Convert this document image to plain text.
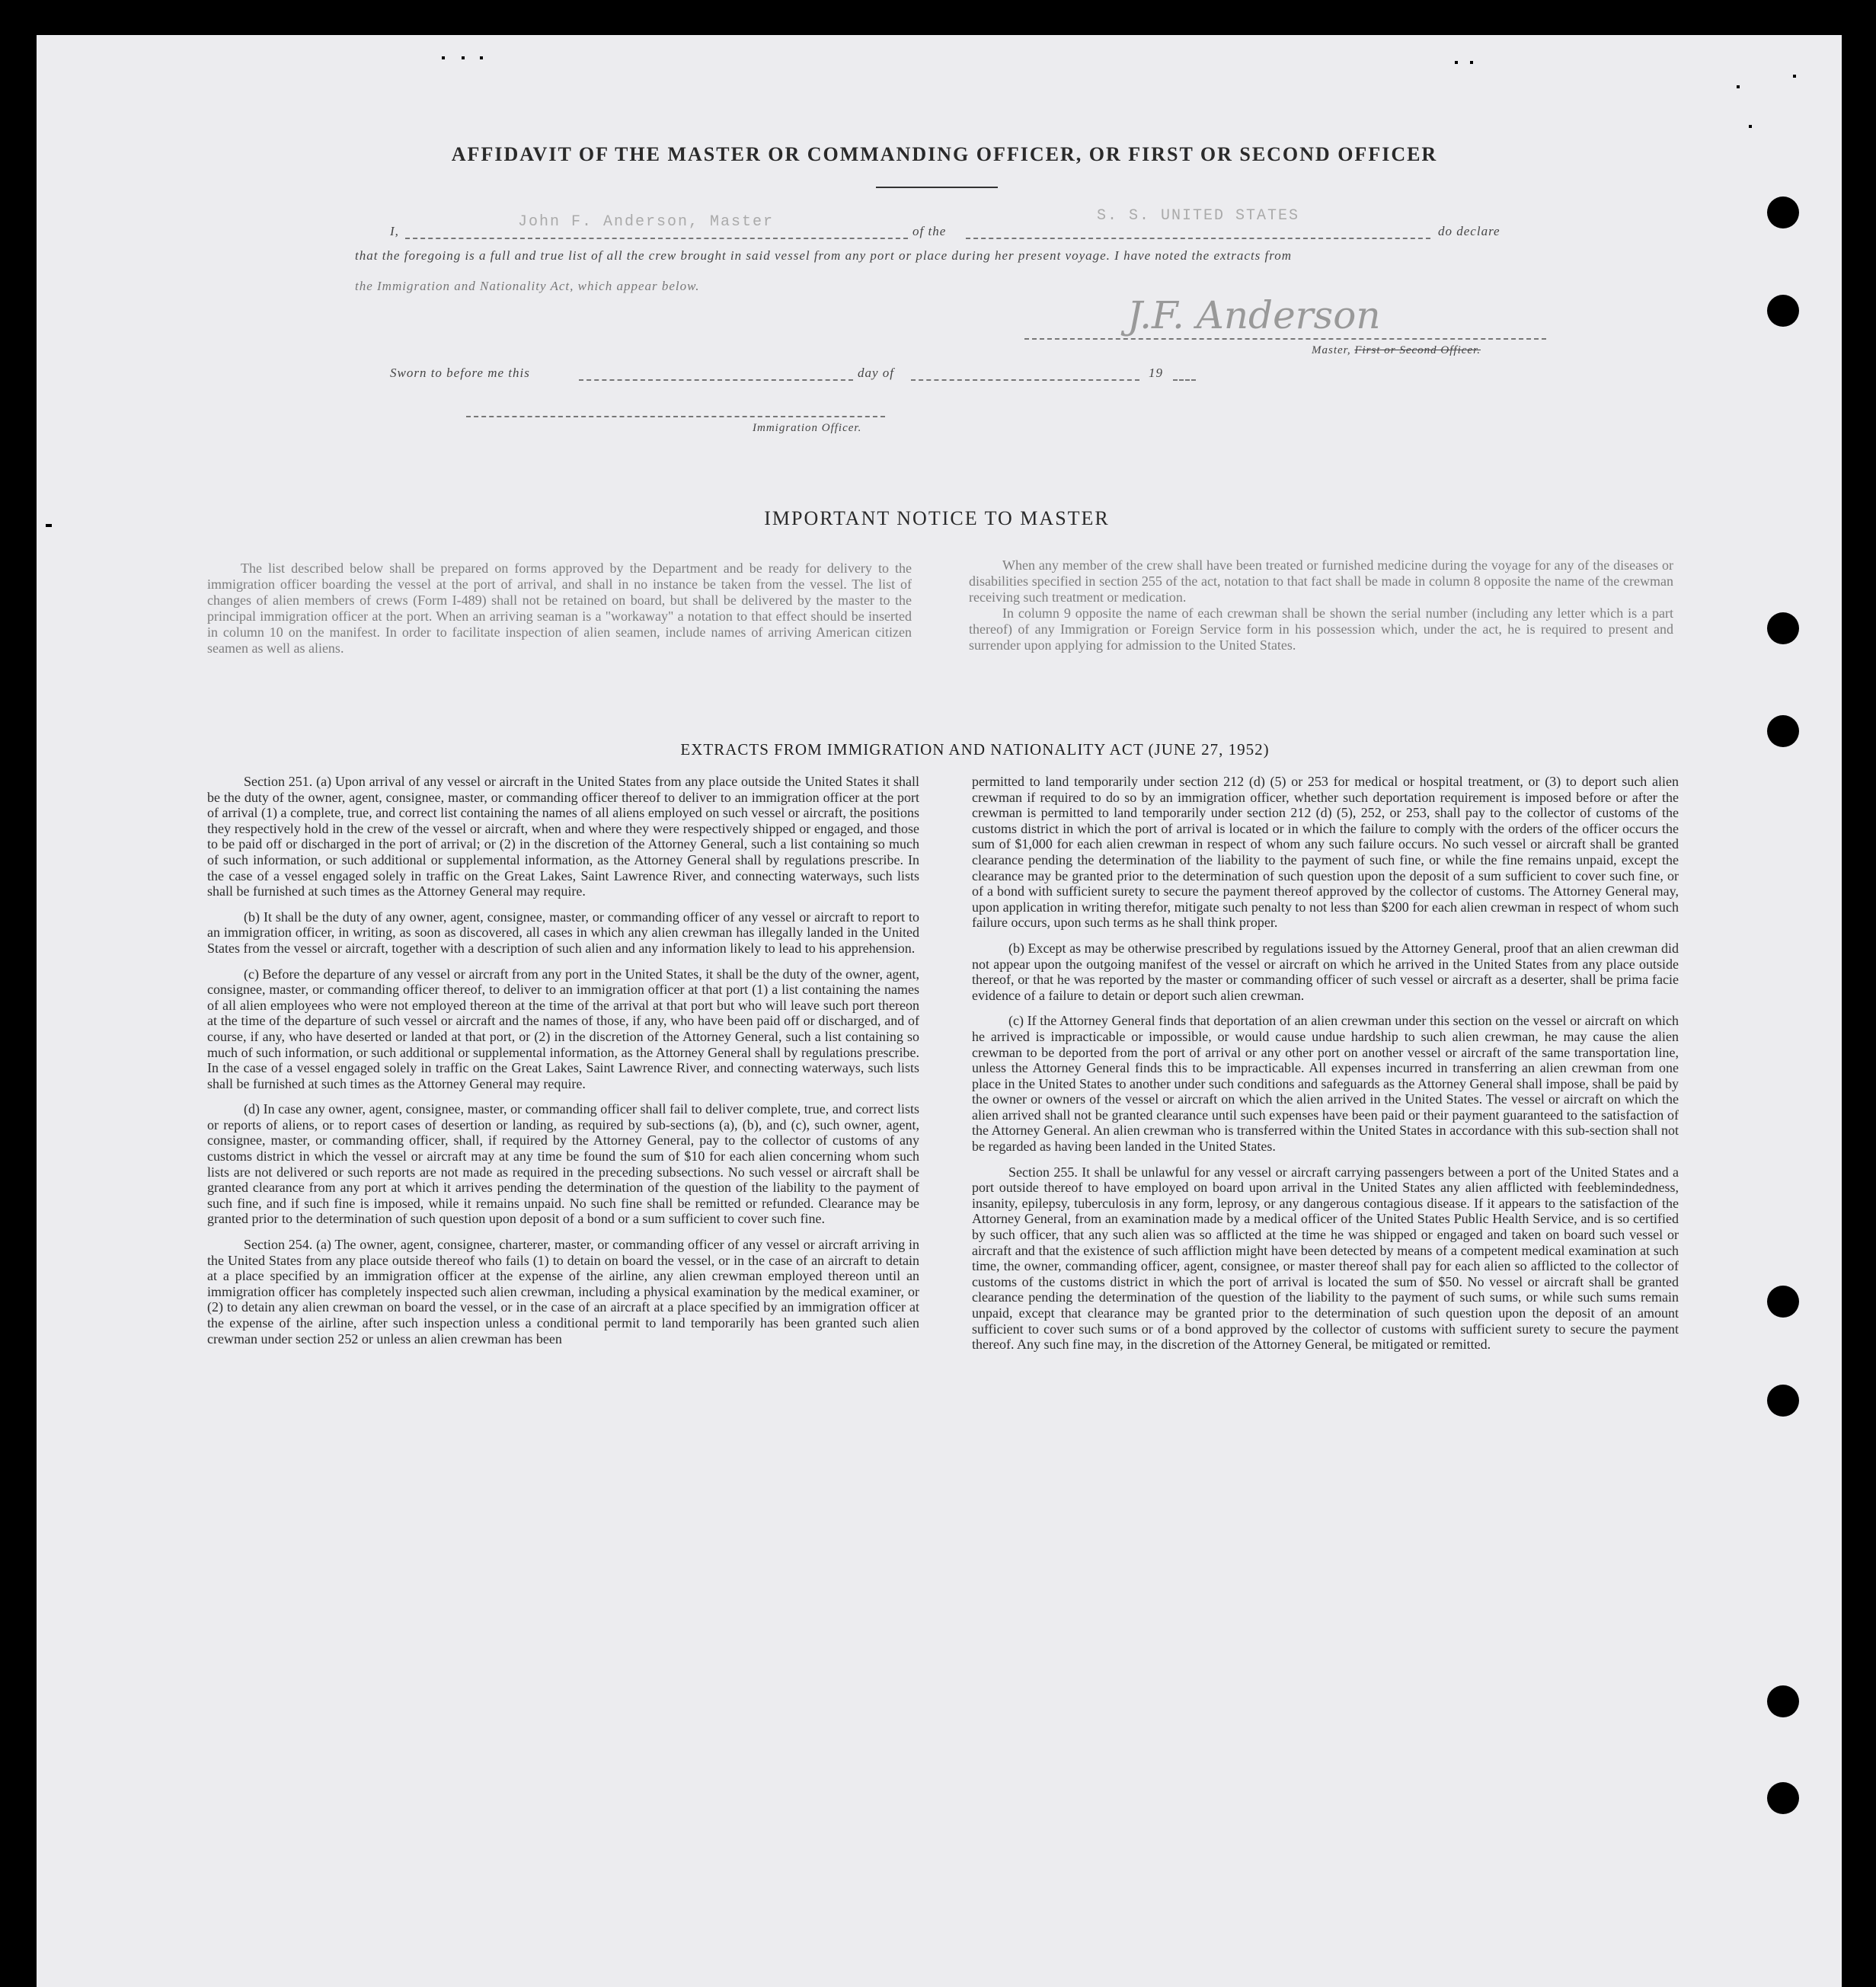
AFFIDAVIT OF THE MASTER OR COMMANDING OFFICER, OR FIRST OR SECOND OFFICER
I,
John F. Anderson, Master
of the
S. S. UNITED STATES
do declare
that the foregoing is a full and true list of all the crew brought in said vessel from any port or place during her present voyage. I have noted the extracts from
the Immigration and Nationality Act, which appear below.
J.F. Anderson
Master, First or Second Officer.
Sworn to before me this	day of	19
Immigration Officer.
IMPORTANT NOTICE TO MASTER
The list described below shall be prepared on forms approved by the Department and be ready for delivery to the immigration officer boarding the vessel at the port of arrival, and shall in no instance be taken from the vessel. The list of changes of alien members of crews (Form I-489) shall not be retained on board, but shall be delivered by the master to the principal immigration officer at the port. When an arriving seaman is a "workaway" a notation to that effect should be inserted in column 10 on the manifest. In order to facilitate inspection of alien seamen, include names of arriving American citizen seamen as well as aliens.
When any member of the crew shall have been treated or furnished medicine during the voyage for any of the diseases or disabilities specified in section 255 of the act, notation to that fact shall be made in column 8 opposite the name of the crewman receiving such treatment or medication.
In column 9 opposite the name of each crewman shall be shown the serial number (including any letter which is a part thereof) of any Immigration or Foreign Service form in his possession which, under the act, he is required to present and surrender upon applying for admission to the United States.
EXTRACTS FROM IMMIGRATION AND NATIONALITY ACT (JUNE 27, 1952)

Section 251. (a) Upon arrival of any vessel or aircraft in the United States from any place outside the United States it shall be the duty of the owner, agent, consignee, master, or commanding officer thereof to deliver to an immigration officer at the port of arrival (1) a complete, true, and correct list containing the names of all aliens employed on such vessel or aircraft, the positions they respectively hold in the crew of the vessel or aircraft, when and where they were respectively shipped or engaged, and those to be paid off or discharged in the port of arrival; or (2) in the discretion of the Attorney General, such a list containing so much of such information, or such additional or supplemental information, as the Attorney General shall by regulations prescribe. In the case of a vessel engaged solely in traffic on the Great Lakes, Saint Lawrence River, and connecting waterways, such lists shall be furnished at such times as the Attorney General may require.

(b) It shall be the duty of any owner, agent, consignee, master, or commanding officer of any vessel or aircraft to report to an immigration officer, in writing, as soon as discovered, all cases in which any alien crewman has illegally landed in the United States from the vessel or aircraft, together with a description of such alien and any information likely to lead to his apprehension.

(c) Before the departure of any vessel or aircraft from any port in the United States, it shall be the duty of the owner, agent, consignee, master, or commanding officer thereof, to deliver to an immigration officer at that port (1) a list containing the names of all alien employees who were not employed thereon at the time of the arrival at that port but who will leave such port thereon at the time of the departure of such vessel or aircraft and the names of those, if any, who have been paid off or discharged, and of course, if any, who have deserted or landed at that port, or (2) in the discretion of the Attorney General, such a list containing so much of such information, or such additional or supplemental information, as the Attorney General shall by regulations prescribe. In the case of a vessel engaged solely in traffic on the Great Lakes, Saint Lawrence River, and connecting waterways, such lists shall be furnished at such times as the Attorney General may require.

(d) In case any owner, agent, consignee, master, or commanding officer shall fail to deliver complete, true, and correct lists or reports of aliens, or to report cases of desertion or landing, as required by sub-sections (a), (b), and (c), such owner, agent, consignee, master, or commanding officer, shall, if required by the Attorney General, pay to the collector of customs of any customs district in which the vessel or aircraft may at any time be found the sum of $10 for each alien concerning whom such lists are not delivered or such reports are not made as required in the preceding subsections. No such vessel or aircraft shall be granted clearance from any port at which it arrives pending the determination of the question of the liability to the payment of such fine, and if such fine is imposed, while it remains unpaid. No such fine shall be remitted or refunded. Clearance may be granted prior to the determination of such question upon deposit of a bond or a sum sufficient to cover such fine.

Section 254. (a) The owner, agent, consignee, charterer, master, or commanding officer of any vessel or aircraft arriving in the United States from any place outside thereof who fails (1) to detain on board the vessel, or in the case of an aircraft to detain at a place specified by an immigration officer at the expense of the airline, any alien crewman employed thereon until an immigration officer has completely inspected such alien crewman, including a physical examination by the medical examiner, or (2) to detain any alien crewman on board the vessel, or in the case of an aircraft at a place specified by an immigration officer at the expense of the airline, after such inspection unless a conditional permit to land temporarily has been granted such alien crewman under section 252 or unless an alien crewman has been

permitted to land temporarily under section 212 (d) (5) or 253 for medical or hospital treatment, or (3) to deport such alien crewman if required to do so by an immigration officer, whether such deportation requirement is imposed before or after the crewman is permitted to land temporarily under section 212 (d) (5), 252, or 253, shall pay to the collector of customs of the customs district in which the port of arrival is located or in which the failure to comply with the orders of the officer occurs the sum of $1,000 for each alien crewman in respect of whom any such failure occurs. No such vessel or aircraft shall be granted clearance pending the determination of the liability to the payment of such fine, or while the fine remains unpaid, except the clearance may be granted prior to the determination of such question upon the deposit of a sum sufficient to cover such fine, or of a bond with sufficient surety to secure the payment thereof approved by the collector of customs. The Attorney General may, upon application in writing therefor, mitigate such penalty to not less than $200 for each alien crewman in respect of whom such failure occurs, upon such terms as he shall think proper.

(b) Except as may be otherwise prescribed by regulations issued by the Attorney General, proof that an alien crewman did not appear upon the outgoing manifest of the vessel or aircraft on which he arrived in the United States from any place outside thereof, or that he was reported by the master or commanding officer of such vessel or aircraft as a deserter, shall be prima facie evidence of a failure to detain or deport such alien crewman.

(c) If the Attorney General finds that deportation of an alien crewman under this section on the vessel or aircraft on which he arrived is impracticable or impossible, or would cause undue hardship to such alien crewman, he may cause the alien crewman to be deported from the port of arrival or any other port on another vessel or aircraft of the same transportation line, unless the Attorney General finds this to be impracticable. All expenses incurred in transferring an alien crewman from one place in the United States to another under such conditions and safeguards as the Attorney General shall impose, shall be paid by the owner or owners of the vessel or aircraft on which the alien arrived in the United States. The vessel or aircraft on which the alien arrived shall not be granted clearance until such expenses have been paid or their payment guaranteed to the satisfaction of the Attorney General. An alien crewman who is transferred within the United States in accordance with this sub-section shall not be regarded as having been landed in the United States.

Section 255. It shall be unlawful for any vessel or aircraft carrying passengers between a port of the United States and a port outside thereof to have employed on board upon arrival in the United States any alien afflicted with feeblemindedness, insanity, epilepsy, tuberculosis in any form, leprosy, or any dangerous contagious disease. If it appears to the satisfaction of the Attorney General, from an examination made by a medical officer of the United States Public Health Service, and is so certified by such officer, that any such alien was so afflicted at the time he was shipped or engaged and taken on board such vessel or aircraft and that the existence of such affliction might have been detected by means of a competent medical examination at such time, the owner, commanding officer, agent, consignee, or master thereof shall pay for each alien so afflicted to the collector of customs of the customs district in which the port of arrival is located the sum of $50. No vessel or aircraft shall be granted clearance pending the determination of the question of the liability to the payment of such sums, or while such sums remain unpaid, except that clearance may be granted prior to the determination of such question upon the deposit of an amount sufficient to cover such sums or of a bond approved by the collector of customs with sufficient surety to secure the payment thereof. Any such fine may, in the discretion of the Attorney General, be mitigated or remitted.
